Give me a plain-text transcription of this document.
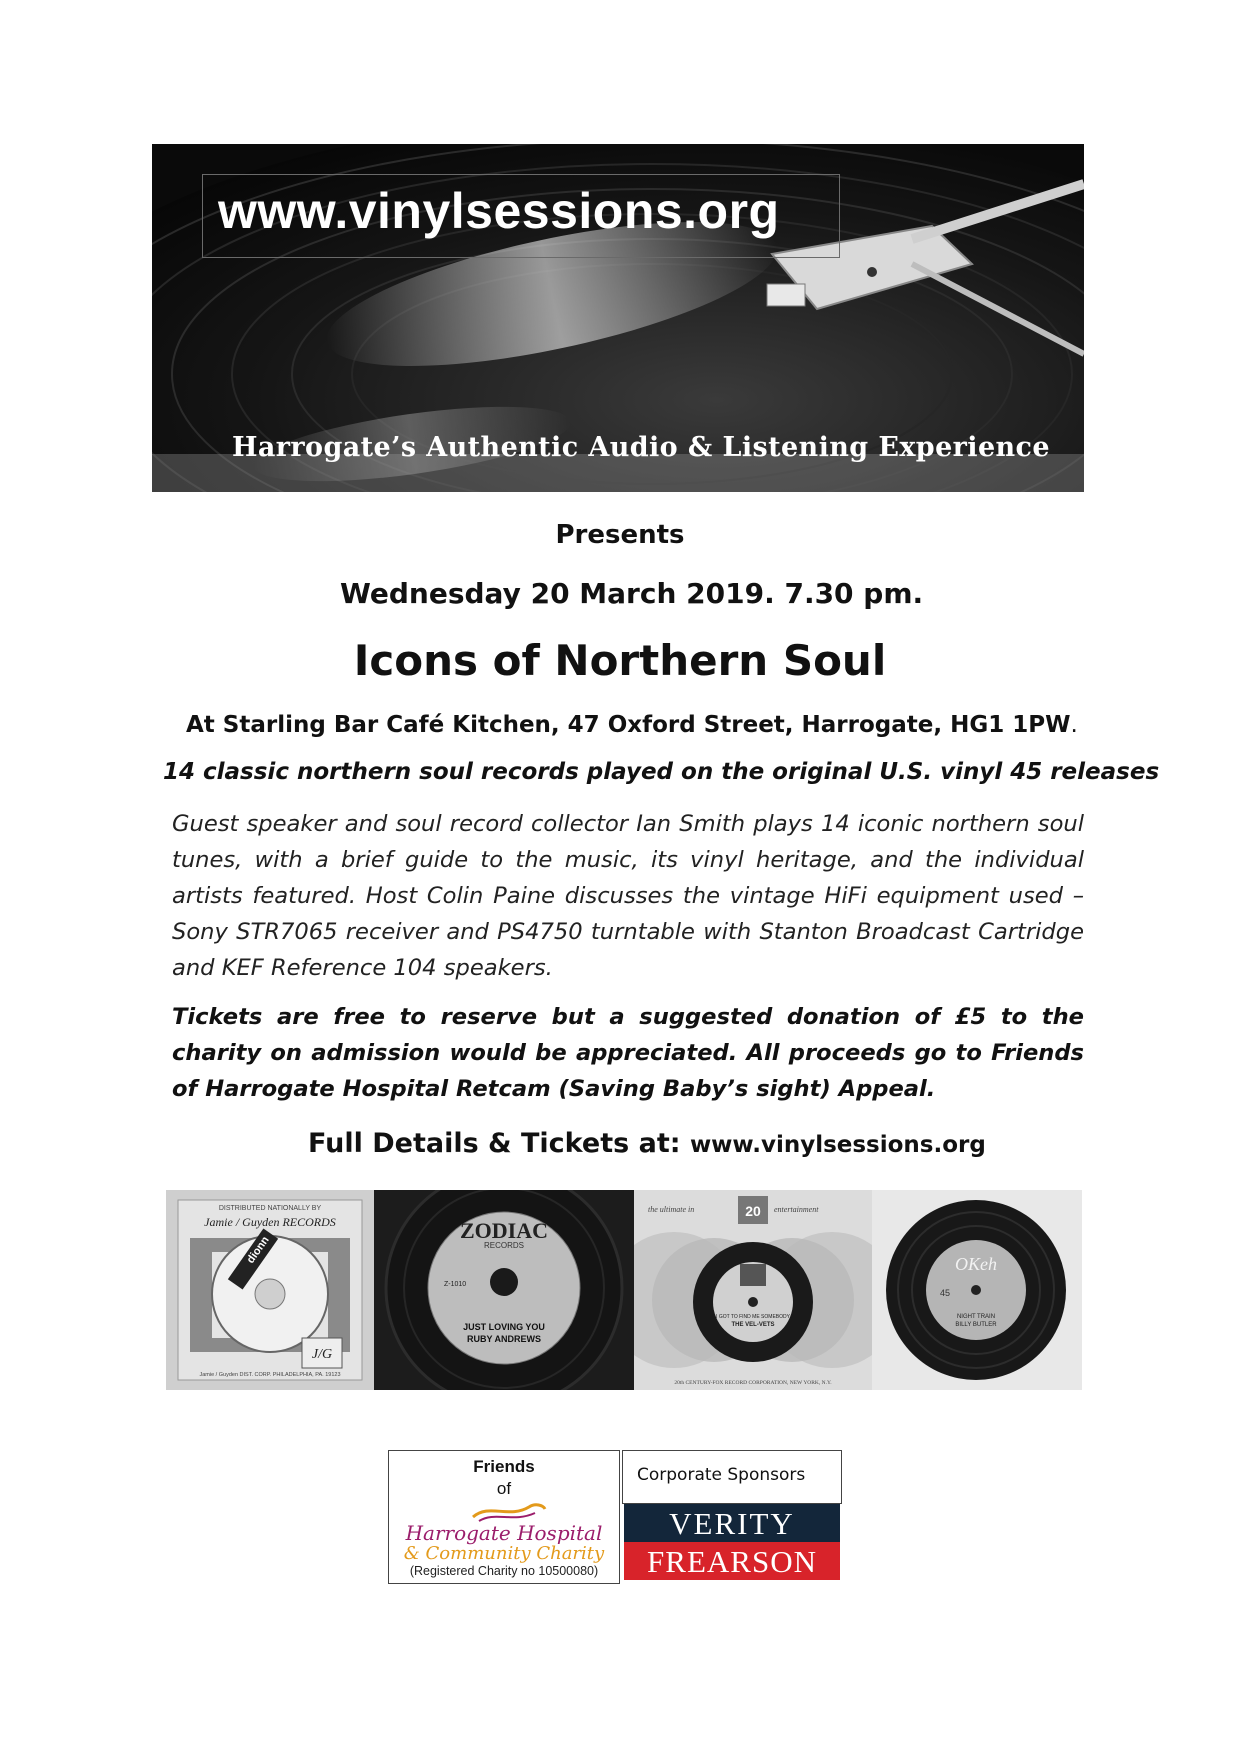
www.vinylsessions.org
Harrogate’s Authentic Audio & Listening Experience
Presents
Wednesday 20 March 2019. 7.30 pm.
Icons of Northern Soul
At Starling Bar Café Kitchen, 47 Oxford Street, Harrogate, HG1 1PW.
14 classic northern soul records played on the original U.S. vinyl 45 releases
Guest speaker and soul record collector Ian Smith plays 14 iconic northern soul tunes, with a brief guide to the music, its vinyl heritage, and the individual artists featured. Host Colin Paine discusses the vintage HiFi equipment used – Sony STR7065 receiver and PS4750 turntable with Stanton Broadcast Cartridge and KEF Reference 104 speakers.
Tickets are free to reserve but a suggested donation of £5 to the charity on admission would be appreciated. All proceeds go to Friends of Harrogate Hospital Retcam (Saving Baby’s sight) Appeal.
Full Details & Tickets at: www.vinylsessions.org
DISTRIBUTED NATIONALLY BY
Jamie / Guyden RECORDS
dionn
J/G
Jamie / Guyden DIST. CORP. PHILADELPHIA, PA. 19123
ZODIAC
RECORDS
Z-1010
JUST LOVING YOU
RUBY ANDREWS
the ultimate in	entertainment
20
I GOT TO FIND ME SOMEBODY
THE VEL-VETS
20th CENTURY-FOX RECORD CORPORATION, NEW YORK, N.Y.
OKeh
45
NIGHT TRAIN
BILLY BUTLER
Friends
of
Harrogate Hospital
& Community Charity
(Registered Charity no 10500080)
Corporate Sponsors
VERITY
FREARSON
